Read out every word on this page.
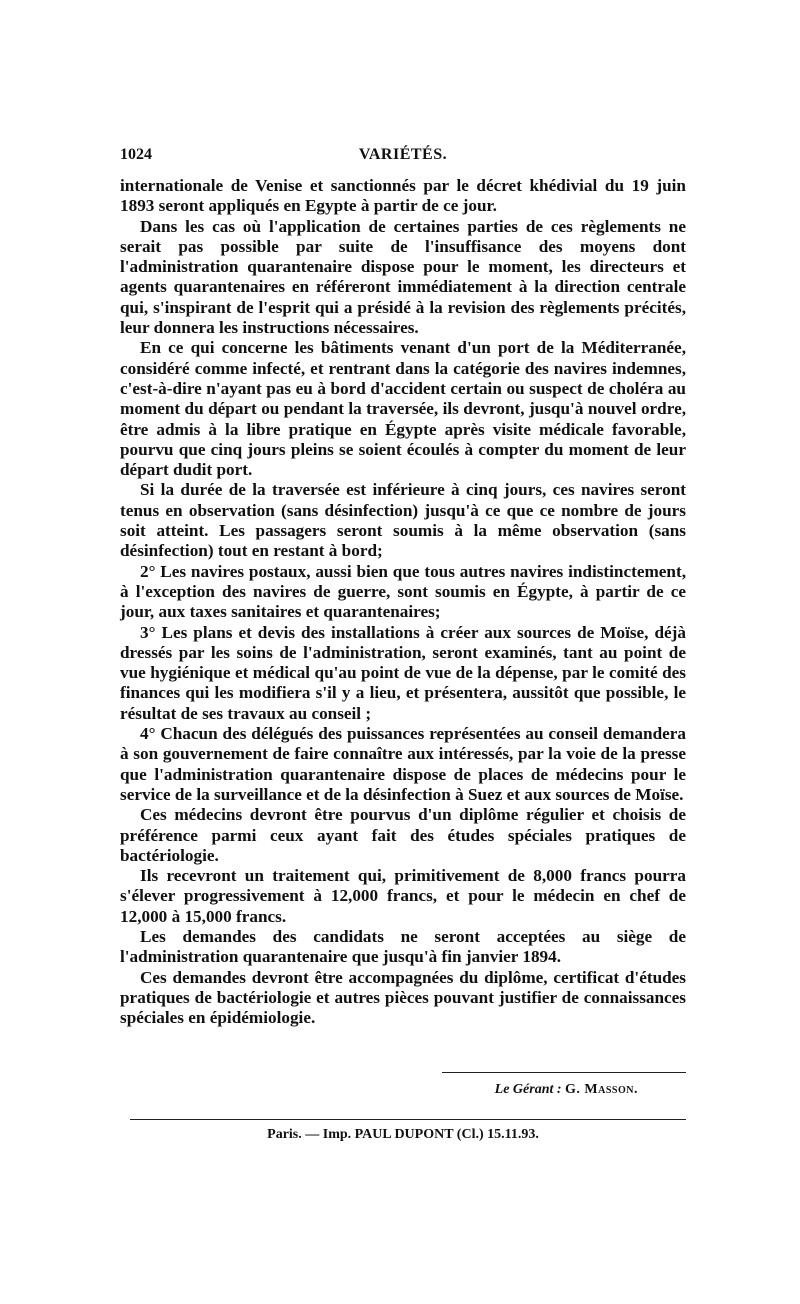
1024	VARIÉTÉS.

internationale de Venise et sanctionnés par le décret khédivial du 19 juin 1893 seront appliqués en Egypte à partir de ce jour.

Dans les cas où l'application de certaines parties de ces règlements ne serait pas possible par suite de l'insuffisance des moyens dont l'administration quarantenaire dispose pour le moment, les directeurs et agents quarantenaires en référeront immédiatement à la direction centrale qui, s'inspirant de l'esprit qui a présidé à la revision des règlements précités, leur donnera les instructions nécessaires.

En ce qui concerne les bâtiments venant d'un port de la Méditerranée, considéré comme infecté, et rentrant dans la catégorie des navires indemnes, c'est-à-dire n'ayant pas eu à bord d'accident certain ou suspect de choléra au moment du départ ou pendant la traversée, ils devront, jusqu'à nouvel ordre, être admis à la libre pratique en Égypte après visite médicale favorable, pourvu que cinq jours pleins se soient écoulés à compter du moment de leur départ dudit port.

Si la durée de la traversée est inférieure à cinq jours, ces navires seront tenus en observation (sans désinfection) jusqu'à ce que ce nombre de jours soit atteint. Les passagers seront soumis à la même observation (sans désinfection) tout en restant à bord;

2° Les navires postaux, aussi bien que tous autres navires indistinctement, à l'exception des navires de guerre, sont soumis en Égypte, à partir de ce jour, aux taxes sanitaires et quarantenaires;

3° Les plans et devis des installations à créer aux sources de Moïse, déjà dressés par les soins de l'administration, seront examinés, tant au point de vue hygiénique et médical qu'au point de vue de la dépense, par le comité des finances qui les modifiera s'il y a lieu, et présentera, aussitôt que possible, le résultat de ses travaux au conseil ;

4° Chacun des délégués des puissances représentées au conseil demandera à son gouvernement de faire connaître aux intéressés, par la voie de la presse que l'administration quarantenaire dispose de places de médecins pour le service de la surveillance et de la désinfection à Suez et aux sources de Moïse.

Ces médecins devront être pourvus d'un diplôme régulier et choisis de préférence parmi ceux ayant fait des études spéciales pratiques de bactériologie.

Ils recevront un traitement qui, primitivement de 8,000 francs pourra s'élever progressivement à 12,000 francs, et pour le médecin en chef de 12,000 à 15,000 francs.

Les demandes des candidats ne seront acceptées au siège de l'administration quarantenaire que jusqu'à fin janvier 1894.

Ces demandes devront être accompagnées du diplôme, certificat d'études pratiques de bactériologie et autres pièces pouvant justifier de connaissances spéciales en épidémiologie.

Le Gérant : G. Masson.
Paris. — Imp. PAUL DUPONT (Cl.) 15.11.93.
